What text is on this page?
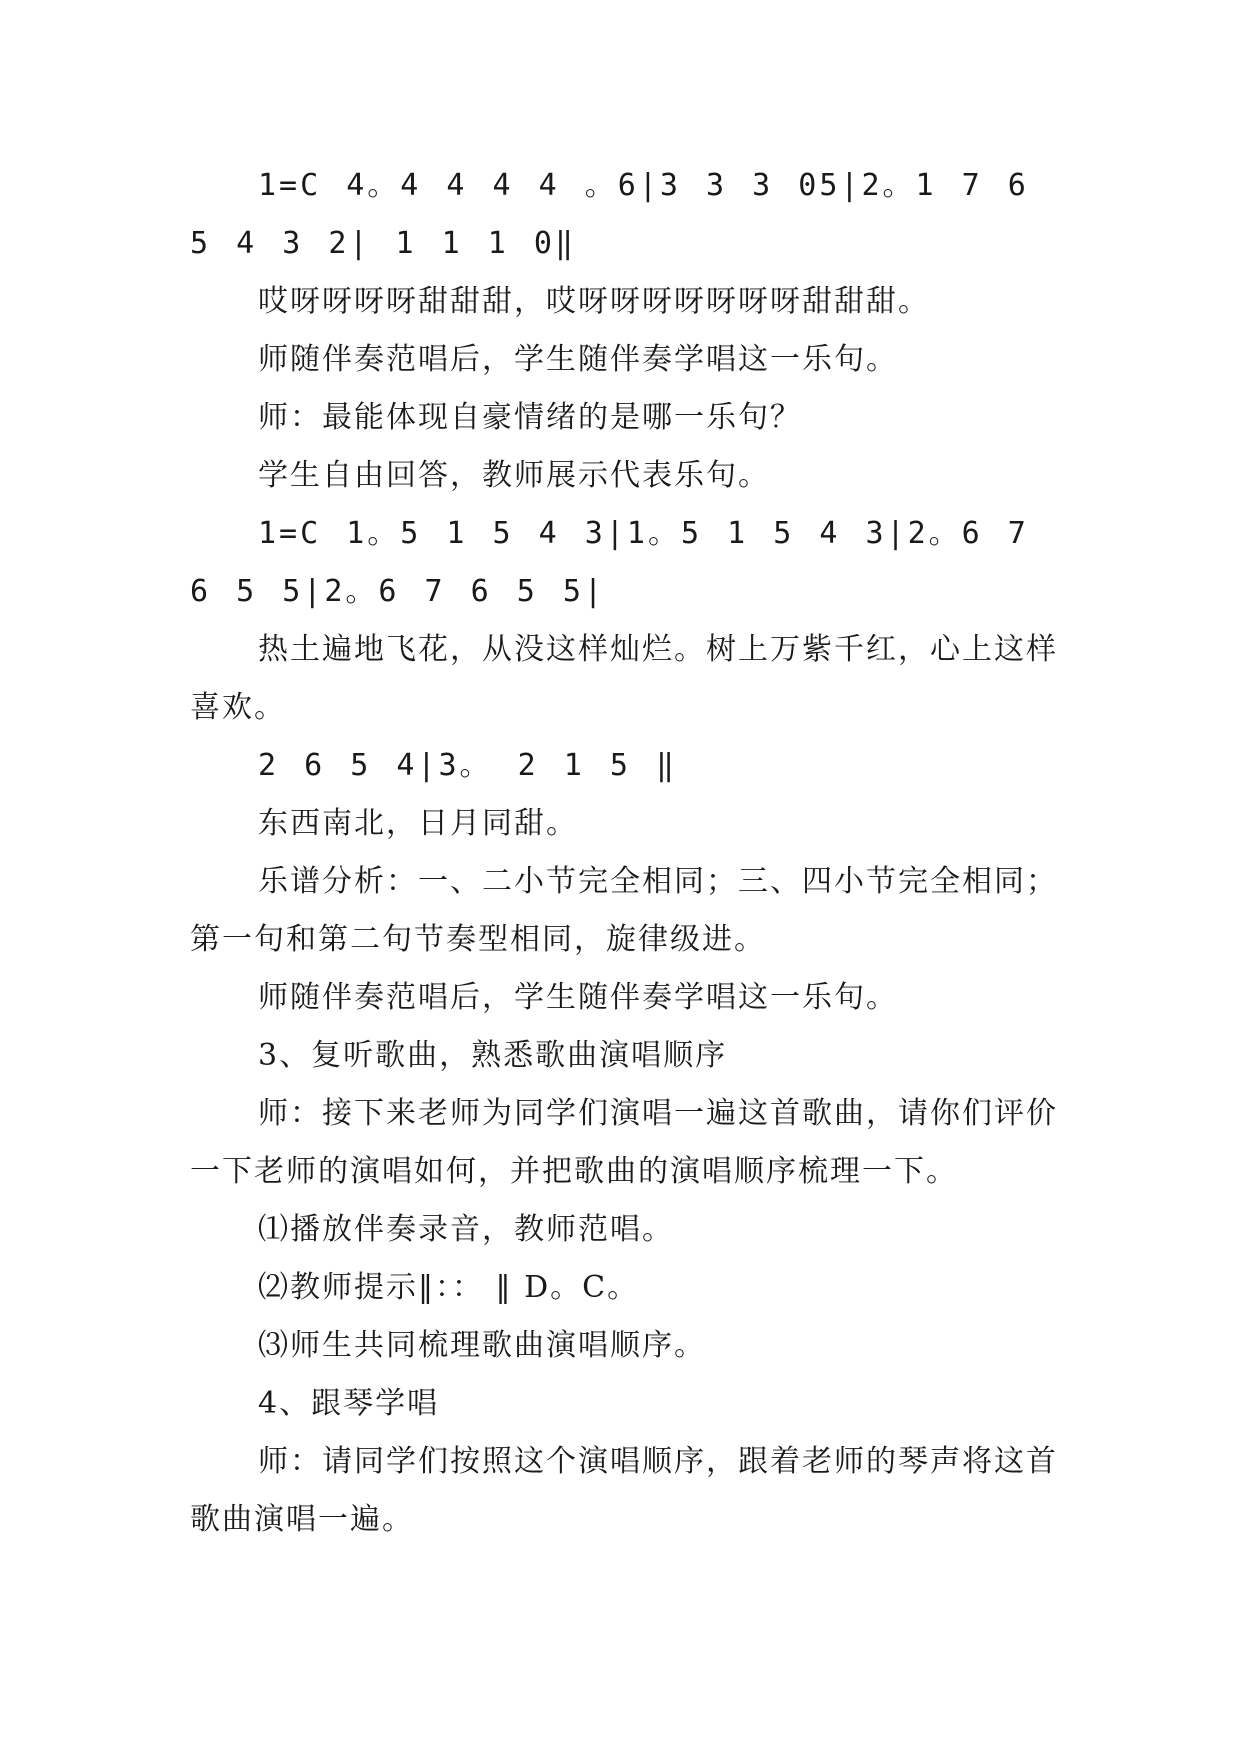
1=C 4。4 4 4 4 。6|3 3 3 05|2。1 7 6 5 4 3 2| 1 1 1 0‖

哎呀呀呀呀甜甜甜，哎呀呀呀呀呀呀呀甜甜甜。

师随伴奏范唱后，学生随伴奏学唱这一乐句。

师：最能体现自豪情绪的是哪一乐句？

学生自由回答，教师展示代表乐句。

1=C 1。5 1 5 4 3|1。5 1 5 4 3|2。6 7 6 5 5|2。6 7 6 5 5|

热土遍地飞花，从没这样灿烂。树上万紫千红，心上这样喜欢。

2 6 5 4|3。 2 1 5 ‖

东西南北，日月同甜。

乐谱分析：一、二小节完全相同；三、四小节完全相同；第一句和第二句节奏型相同，旋律级进。

师随伴奏范唱后，学生随伴奏学唱这一乐句。

3、复听歌曲，熟悉歌曲演唱顺序

师：接下来老师为同学们演唱一遍这首歌曲，请你们评价一下老师的演唱如何，并把歌曲的演唱顺序梳理一下。

⑴播放伴奏录音，教师范唱。

⑵教师提示‖：： ‖ D。C。

⑶师生共同梳理歌曲演唱顺序。

4、跟琴学唱

师：请同学们按照这个演唱顺序，跟着老师的琴声将这首歌曲演唱一遍。
